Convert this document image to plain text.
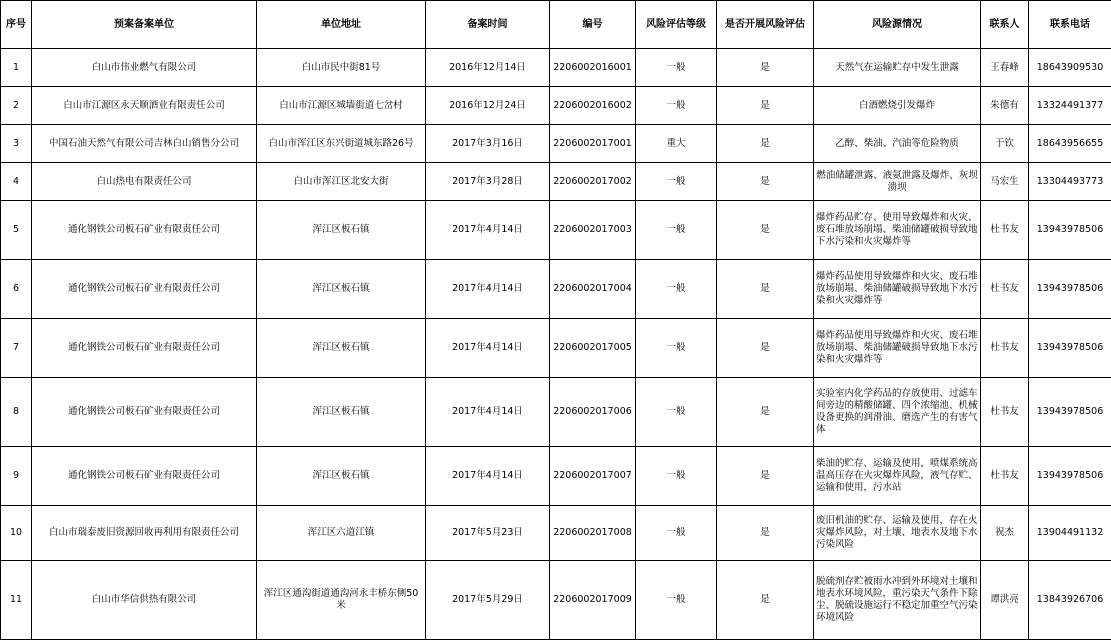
序号	预案备案单位	单位地址	备案时间	编号	风险评估等级	是否开展风险评估	风险源情况	联系人	联系电话
1	白山市伟业燃气有限公司	白山市民中街81号	2016年12月14日	2206002016001	一般	是	天然气在运输贮存中发生泄露	王春峰	18643909530
2	白山市江源区永天顺酒业有限责任公司	白山市江源区城墙街道七岔村	2016年12月24日	2206002016002	一般	是	白酒燃烧引发爆炸	朱德有	13324491377
3	中国石油天然气有限公司吉林白山销售分公司	白山市浑江区东兴街道城东路26号	2017年3月16日	2206002017001	重大	是	乙醇、柴油、汽油等危险物质	于钦	18643956655
4	白山热电有限责任公司	白山市浑江区北安大街	2017年3月28日	2206002017002	一般	是	燃油储罐泄露、液氨泄露及爆炸、灰坝溃坝	马宏生	13304493773
5	通化钢铁公司板石矿业有限责任公司	浑江区板石镇	2017年4月14日	2206002017003	一般	是	爆炸药品贮存、使用导致爆炸和火灾、废石堆放场崩塌、柴油储罐破损导致地下水污染和火灾爆炸等	杜书友	13943978506
6	通化钢铁公司板石矿业有限责任公司	浑江区板石镇	2017年4月14日	2206002017004	一般	是	爆炸药品使用导致爆炸和火灾、废石堆放场崩塌、柴油储罐破损导致地下水污染和火灾爆炸等	杜书友	13943978506
7	通化钢铁公司板石矿业有限责任公司	浑江区板石镇	2017年4月14日	2206002017005	一般	是	爆炸药品使用导致爆炸和火灾、废石堆放场崩塌、柴油储罐破损导致地下水污染和火灾爆炸等	杜书友	13943978506
8	通化钢铁公司板石矿业有限责任公司	浑江区板石镇	2017年4月14日	2206002017006	一般	是	实验室内化学药品的存放使用、过滤车间旁边的精酸储罐、四个浓缩池、机械设备更换的润滑油、磨选产生的有害气体	杜书友	13943978506
9	通化钢铁公司板石矿业有限责任公司	浑江区板石镇	2017年4月14日	2206002017007	一般	是	柴油的贮存、运输及使用，喷煤系统高温高压存在火灾爆炸风险，液气存贮、运输和使用，污水站	杜书友	13943978506
10	白山市瑞泰废旧资源回收再利用有限责任公司	浑江区六道江镇	2017年5月23日	2206002017008	一般	是	废旧机油的贮存、运输及使用，存在火灾爆炸风险，对土壤、地表水及地下水污染风险	祝杰	13904491132
11	白山市华信供热有限公司	浑江区通沟街道通沟河永丰桥东侧50米	2017年5月29日	2206002017009	一般	是	脱硫剂存贮被雨水冲到外环境对土壤和地表水环境风险，重污染天气条件下除尘、脱硫设施运行不稳定加重空气污染环境风险	谭洪亮	13843926706
